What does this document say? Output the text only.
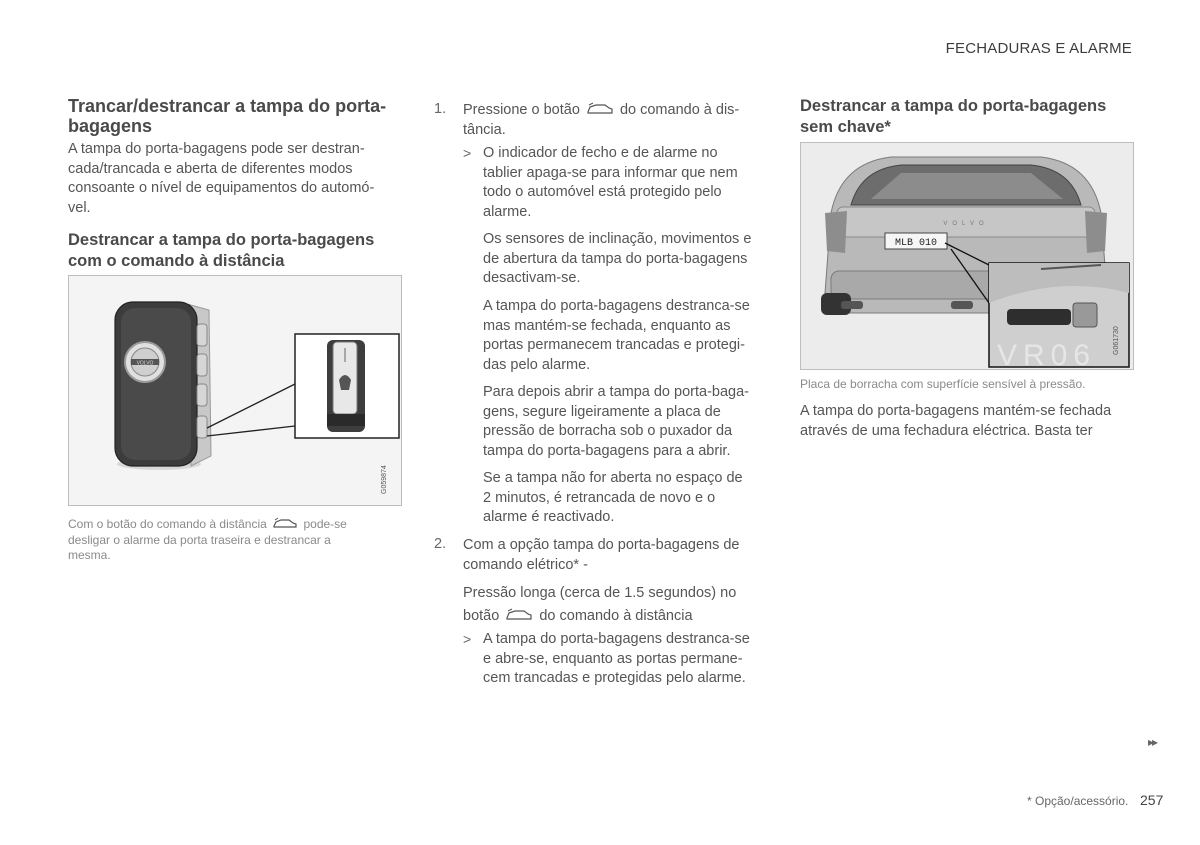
FECHADURAS E ALARME
Trancar/destrancar a tampa do porta-bagagens
A tampa do porta-bagagens pode ser destran-
cada/trancada e aberta de diferentes modos
consoante o nível de equipamentos do automó-
vel.
Destrancar a tampa do porta-bagagens
com o comando à distância
VOLVO
G059874
Com o botão do comando à distância	pode-se
desligar o alarme da porta traseira e destrancar a
mesma.
1. Pressione o botão	do comando à dis-
tância.
> O indicador de fecho e de alarme no
tablier apaga-se para informar que nem
todo o automóvel está protegido pelo
alarme.
Os sensores de inclinação, movimentos e
de abertura da tampa do porta-bagagens
desactivam-se.
A tampa do porta-bagagens destranca-se
mas mantém-se fechada, enquanto as
portas permanecem trancadas e protegi-
das pelo alarme.
Para depois abrir a tampa do porta-baga-
gens, segure ligeiramente a placa de
pressão de borracha sob o puxador da
tampa do porta-bagagens para a abrir.
Se a tampa não for aberta no espaço de
2 minutos, é retrancada de novo e o
alarme é reactivado.
2. Com a opção tampa do porta-bagagens de
comando elétrico* -
Pressão longa (cerca de 1.5 segundos) no
botão	do comando à distância
> A tampa do porta-bagagens destranca-se
e abre-se, enquanto as portas permane-
cem trancadas e protegidas pelo alarme.
Destrancar a tampa do porta-bagagens
sem chave*
VOLVO
MLB 010
VR06 G061730
Placa de borracha com superfície sensível à pressão.
A tampa do porta-bagagens mantém-se fechada
através de uma fechadura eléctrica. Basta ter
▸▸
* Opção/acessório. 257
